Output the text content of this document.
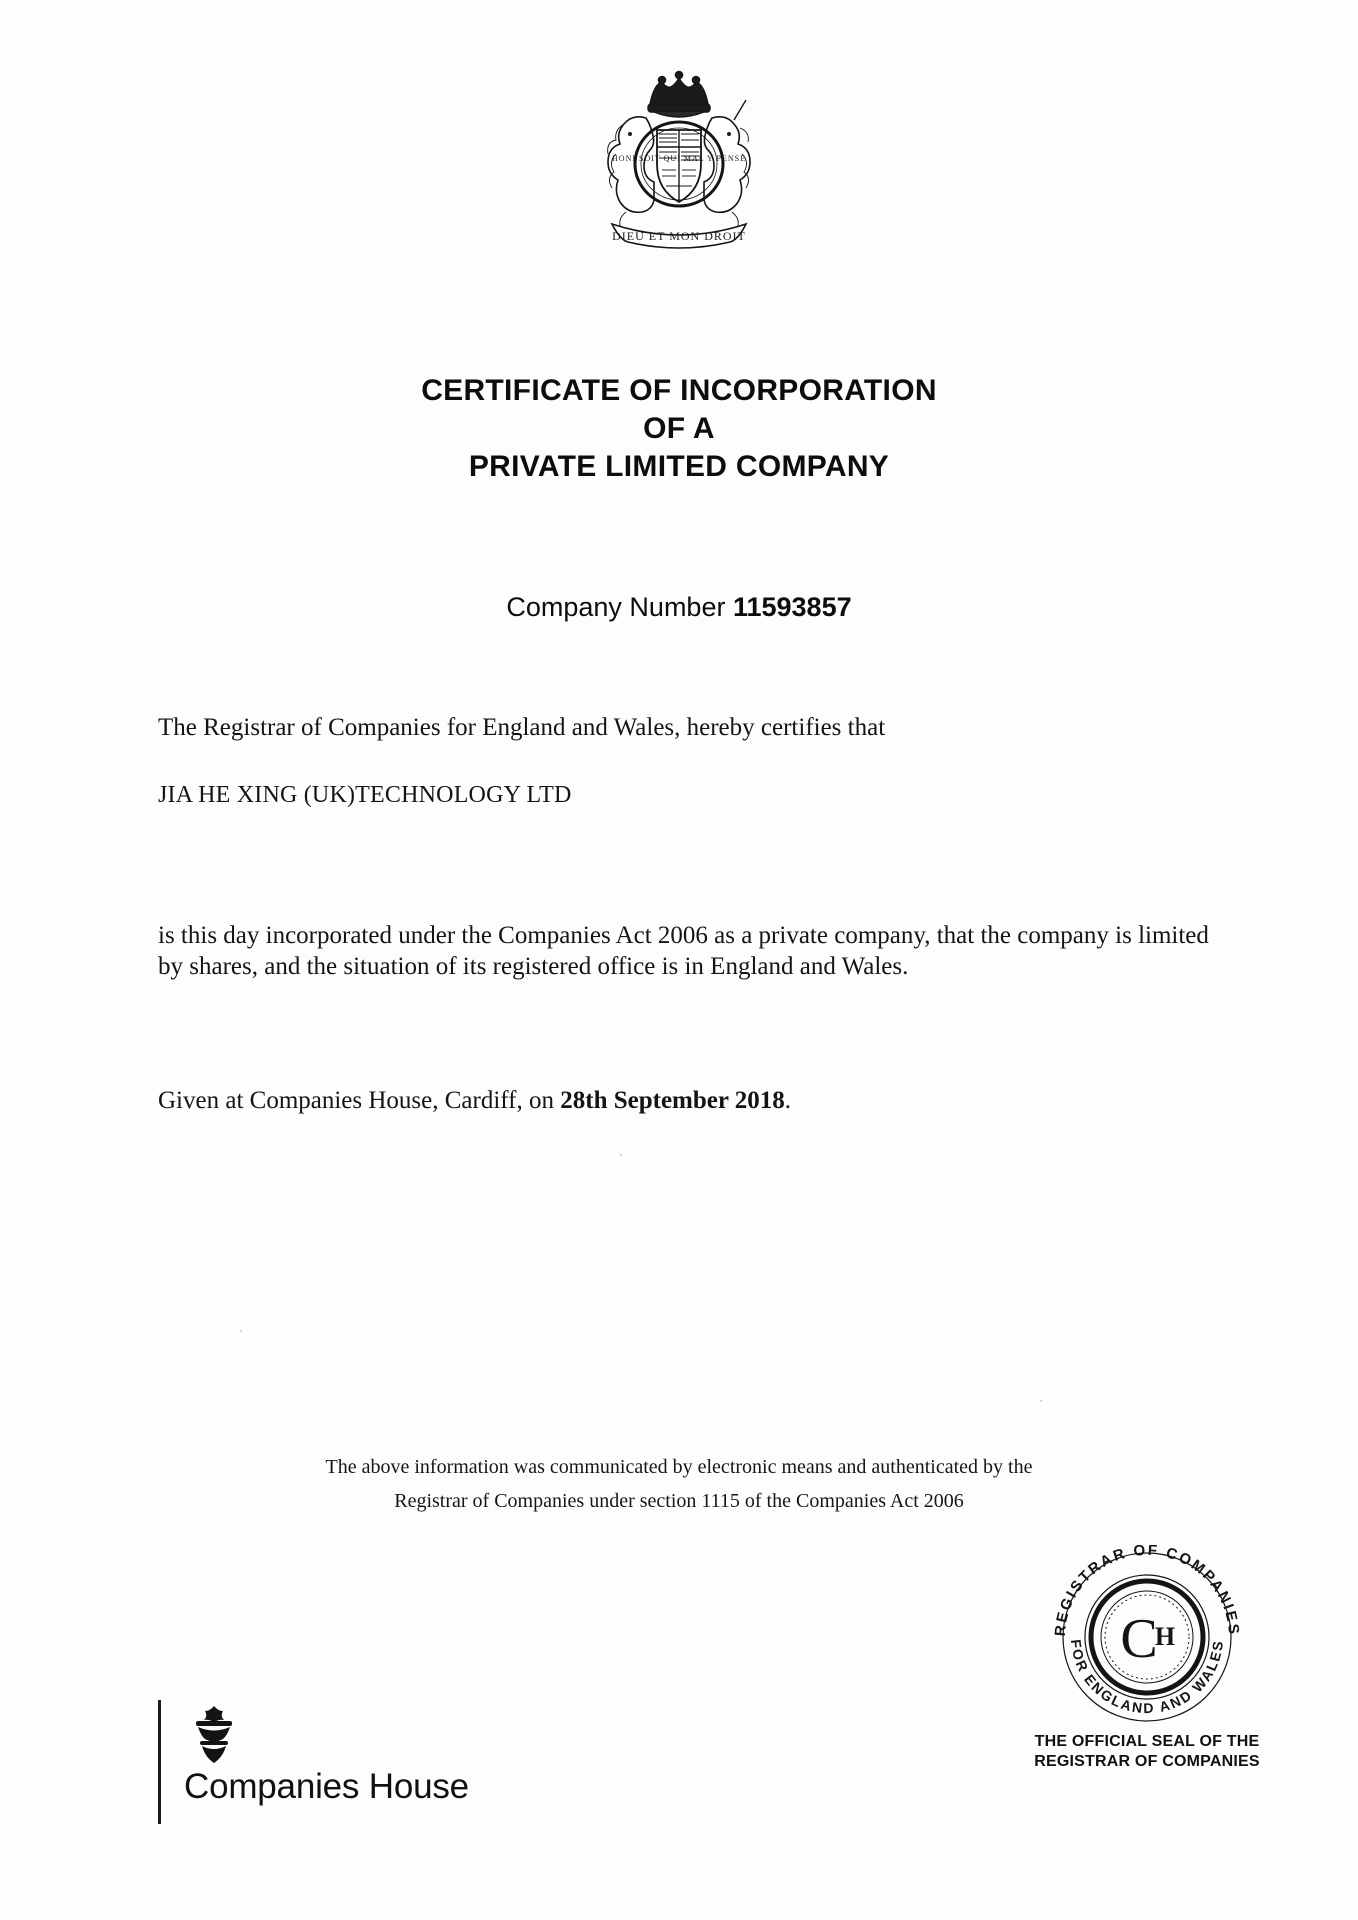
DIEU ET MON DROIT
HONI SOIT QUI MAL Y PENSE
CERTIFICATE OF INCORPORATION
OF A
PRIVATE LIMITED COMPANY
Company Number 11593857
The Registrar of Companies for England and Wales, hereby certifies that
JIA HE XING (UK)TECHNOLOGY LTD
is this day incorporated under the Companies Act 2006 as a private company, that the company is limited by shares, and the situation of its registered office is in England and Wales.
Given at Companies House, Cardiff, on 28th September 2018.
The above information was communicated by electronic means and authenticated by the
Registrar of Companies under section 1115 of the Companies Act 2006
REGISTRAR OF COMPANIES
FOR ENGLAND AND WALES
C
H
THE OFFICIAL SEAL OF THE
REGISTRAR OF COMPANIES
Companies House
